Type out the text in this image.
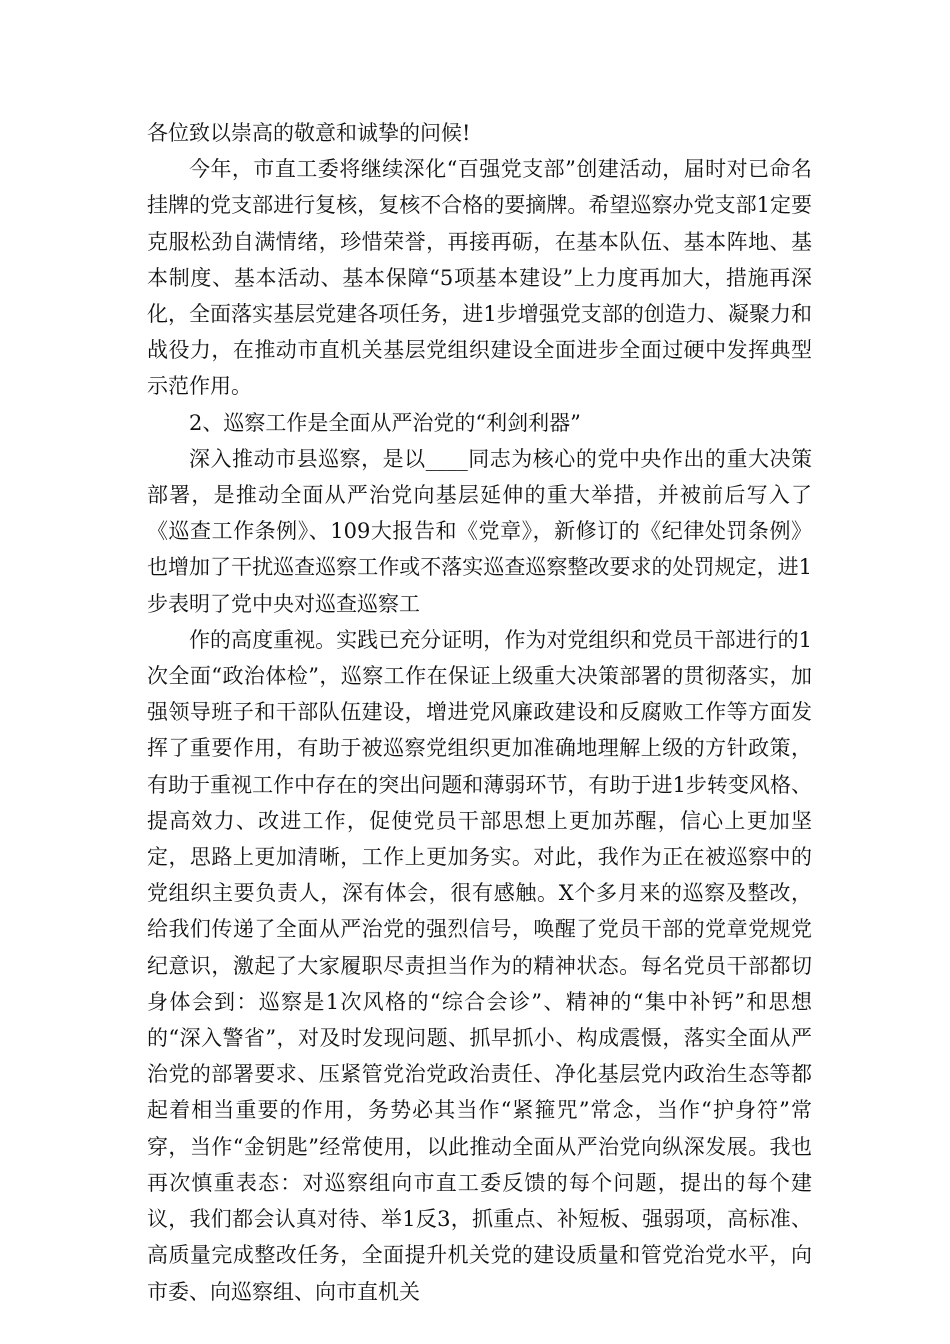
各位致以崇高的敬意和诚挚的问候!

今年，市直工委将继续深化“百强党支部”创建活动，届时对已命名挂牌的党支部进行复核，复核不合格的要摘牌。希望巡察办党支部1定要克服松劲自满情绪，珍惜荣誉，再接再砺，在基本队伍、基本阵地、基本制度、基本活动、基本保障“5项基本建设”上力度再加大，措施再深化，全面落实基层党建各项任务，进1步增强党支部的创造力、凝聚力和战役力，在推动市直机关基层党组织建设全面进步全面过硬中发挥典型示范作用。

2、巡察工作是全面从严治党的“利剑利器”

深入推动市县巡察，是以____同志为核心的党中央作出的重大决策部署，是推动全面从严治党向基层延伸的重大举措，并被前后写入了《巡查工作条例》、109大报告和《党章》，新修订的《纪律处罚条例》也增加了干扰巡查巡察工作或不落实巡查巡察整改要求的处罚规定，进1步表明了党中央对巡查巡察工

作的高度重视。实践已充分证明，作为对党组织和党员干部进行的1次全面“政治体检”，巡察工作在保证上级重大决策部署的贯彻落实，加强领导班子和干部队伍建设，增进党风廉政建设和反腐败工作等方面发挥了重要作用，有助于被巡察党组织更加准确地理解上级的方针政策，有助于重视工作中存在的突出问题和薄弱环节，有助于进1步转变风格、提高效力、改进工作，促使党员干部思想上更加苏醒，信心上更加坚定，思路上更加清晰，工作上更加务实。对此，我作为正在被巡察中的党组织主要负责人，深有体会，很有感触。X个多月来的巡察及整改，给我们传递了全面从严治党的强烈信号，唤醒了党员干部的党章党规党纪意识，激起了大家履职尽责担当作为的精神状态。每名党员干部都切身体会到：巡察是1次风格的“综合会诊”、精神的“集中补钙”和思想的“深入警省”，对及时发现问题、抓早抓小、构成震慑，落实全面从严治党的部署要求、压紧管党治党政治责任、净化基层党内政治生态等都起着相当重要的作用，务势必其当作“紧箍咒”常念，当作“护身符”常穿，当作“金钥匙”经常使用，以此推动全面从严治党向纵深发展。我也再次慎重表态：对巡察组向市直工委反馈的每个问题，提出的每个建议，我们都会认真对待、举1反3，抓重点、补短板、强弱项，高标准、高质量完成整改任务，全面提升机关党的建设质量和管党治党水平，向市委、向巡察组、向市直机关
